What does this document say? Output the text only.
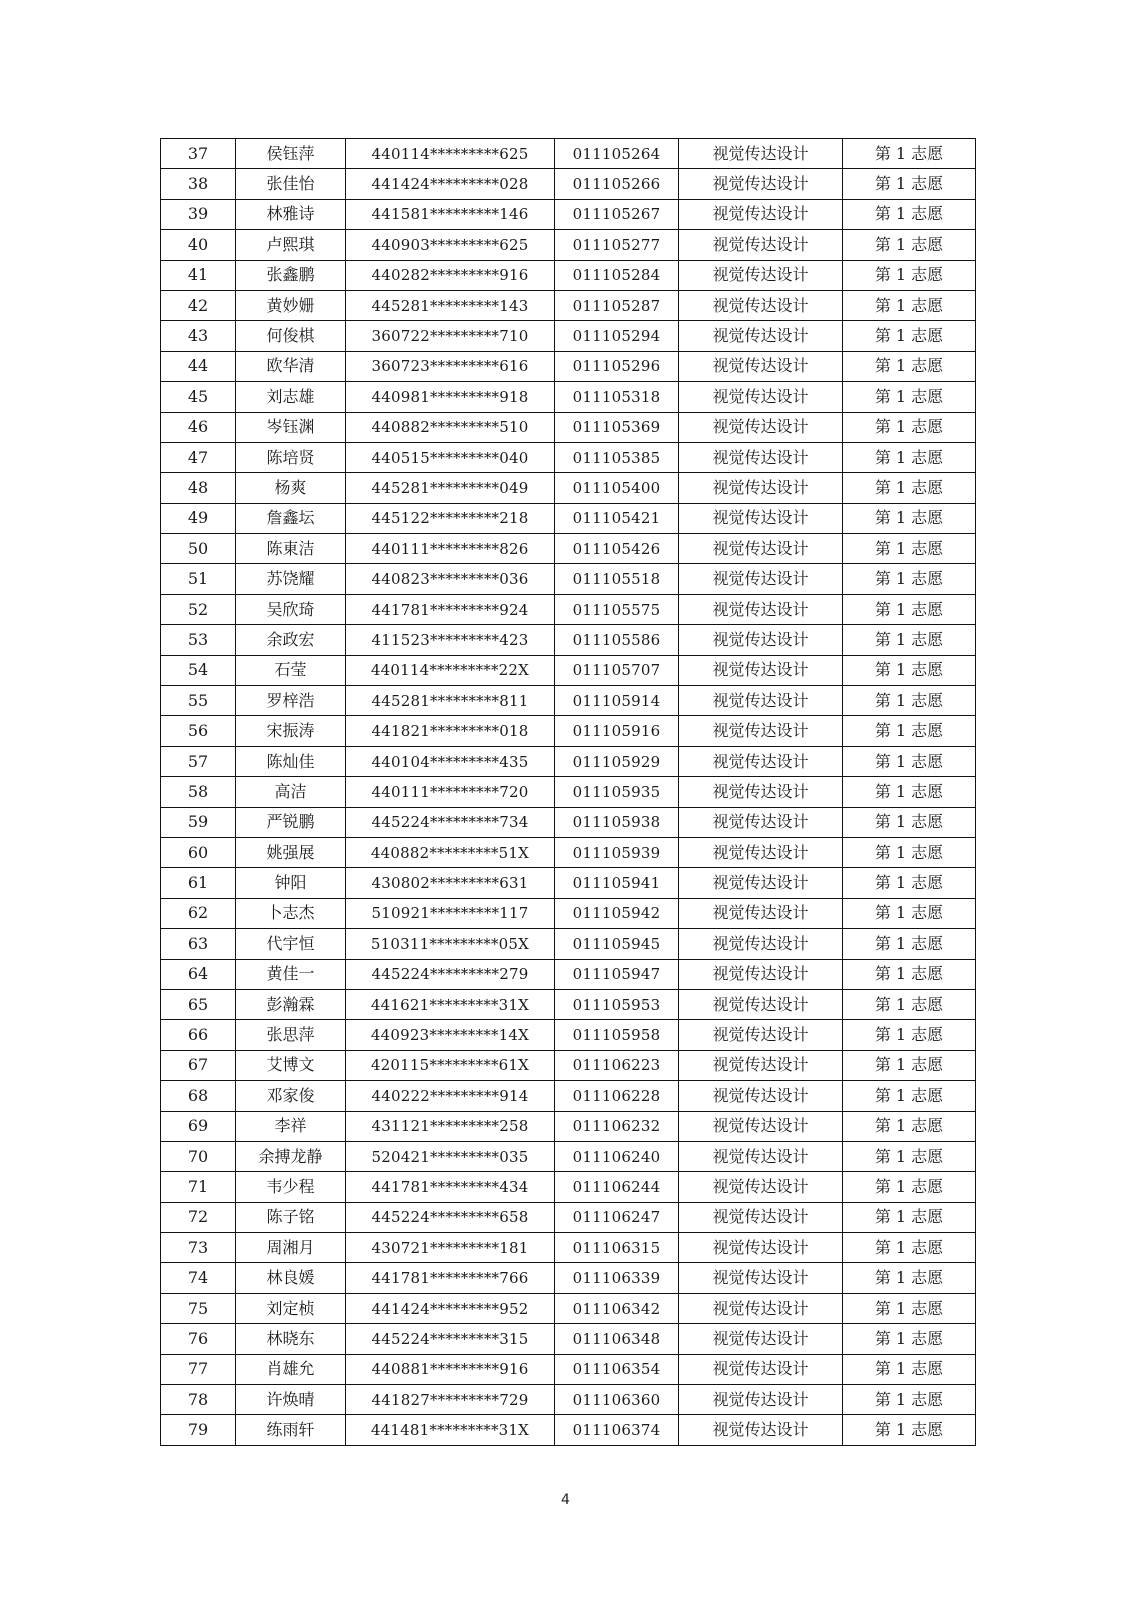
37	侯钰萍	440114*********625	011105264	视觉传达设计	第 1 志愿
38	张佳怡	441424*********028	011105266	视觉传达设计	第 1 志愿
39	林雅诗	441581*********146	011105267	视觉传达设计	第 1 志愿
40	卢熙琪	440903*********625	011105277	视觉传达设计	第 1 志愿
41	张鑫鹏	440282*********916	011105284	视觉传达设计	第 1 志愿
42	黄妙姗	445281*********143	011105287	视觉传达设计	第 1 志愿
43	何俊棋	360722*********710	011105294	视觉传达设计	第 1 志愿
44	欧华清	360723*********616	011105296	视觉传达设计	第 1 志愿
45	刘志雄	440981*********918	011105318	视觉传达设计	第 1 志愿
46	岑钰渊	440882*********510	011105369	视觉传达设计	第 1 志愿
47	陈培贤	440515*********040	011105385	视觉传达设计	第 1 志愿
48	杨爽	445281*********049	011105400	视觉传达设计	第 1 志愿
49	詹鑫坛	445122*********218	011105421	视觉传达设计	第 1 志愿
50	陈東洁	440111*********826	011105426	视觉传达设计	第 1 志愿
51	苏饶耀	440823*********036	011105518	视觉传达设计	第 1 志愿
52	吴欣琦	441781*********924	011105575	视觉传达设计	第 1 志愿
53	余政宏	411523*********423	011105586	视觉传达设计	第 1 志愿
54	石莹	440114*********22X	011105707	视觉传达设计	第 1 志愿
55	罗梓浩	445281*********811	011105914	视觉传达设计	第 1 志愿
56	宋振涛	441821*********018	011105916	视觉传达设计	第 1 志愿
57	陈灿佳	440104*********435	011105929	视觉传达设计	第 1 志愿
58	高洁	440111*********720	011105935	视觉传达设计	第 1 志愿
59	严锐鹏	445224*********734	011105938	视觉传达设计	第 1 志愿
60	姚强展	440882*********51X	011105939	视觉传达设计	第 1 志愿
61	钟阳	430802*********631	011105941	视觉传达设计	第 1 志愿
62	卜志杰	510921*********117	011105942	视觉传达设计	第 1 志愿
63	代宇恒	510311*********05X	011105945	视觉传达设计	第 1 志愿
64	黄佳一	445224*********279	011105947	视觉传达设计	第 1 志愿
65	彭瀚霖	441621*********31X	011105953	视觉传达设计	第 1 志愿
66	张思萍	440923*********14X	011105958	视觉传达设计	第 1 志愿
67	艾博文	420115*********61X	011106223	视觉传达设计	第 1 志愿
68	邓家俊	440222*********914	011106228	视觉传达设计	第 1 志愿
69	李祥	431121*********258	011106232	视觉传达设计	第 1 志愿
70	余搏龙静	520421*********035	011106240	视觉传达设计	第 1 志愿
71	韦少程	441781*********434	011106244	视觉传达设计	第 1 志愿
72	陈子铭	445224*********658	011106247	视觉传达设计	第 1 志愿
73	周湘月	430721*********181	011106315	视觉传达设计	第 1 志愿
74	林良媛	441781*********766	011106339	视觉传达设计	第 1 志愿
75	刘定桢	441424*********952	011106342	视觉传达设计	第 1 志愿
76	林晓东	445224*********315	011106348	视觉传达设计	第 1 志愿
77	肖雄允	440881*********916	011106354	视觉传达设计	第 1 志愿
78	许焕晴	441827*********729	011106360	视觉传达设计	第 1 志愿
79	练雨轩	441481*********31X	011106374	视觉传达设计	第 1 志愿
4
